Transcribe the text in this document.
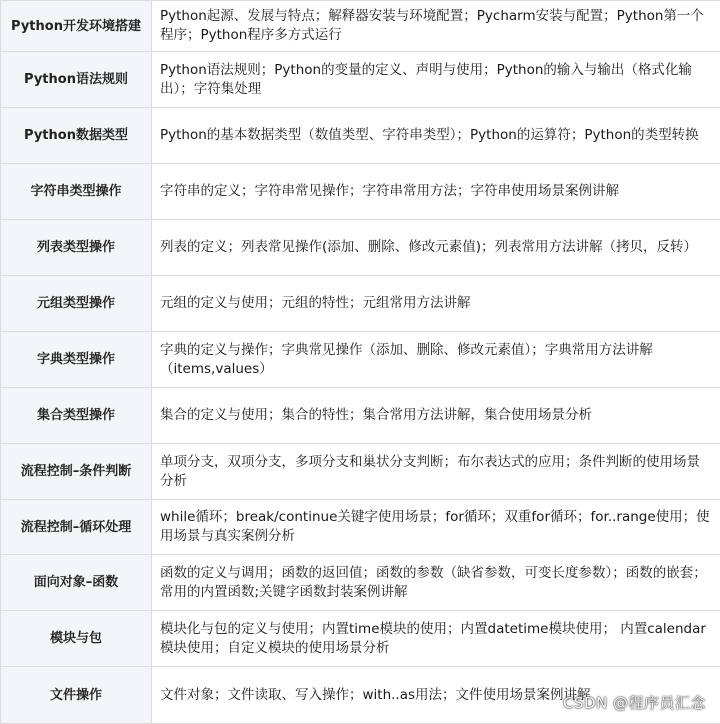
Python开发环境搭建	Python起源、发展与特点；解释器安装与环境配置；Pycharm安装与配置；Python第一个程序；Python程序多方式运行
Python语法规则	Python语法规则；Python的变量的定义、声明与使用；Python的输入与输出（格式化输出）；字符集处理
Python数据类型	Python的基本数据类型（数值类型、字符串类型）；Python的运算符；Python的类型转换
字符串类型操作	字符串的定义；字符串常见操作；字符串常用方法；字符串使用场景案例讲解
列表类型操作	列表的定义；列表常见操作(添加、删除、修改元素值)；列表常用方法讲解（拷贝，反转）
元组类型操作	元组的定义与使用；元组的特性；元组常用方法讲解
字典类型操作	字典的定义与操作；字典常见操作（添加、删除、修改元素值）；字典常用方法讲解（items,values）
集合类型操作	集合的定义与使用；集合的特性；集合常用方法讲解，集合使用场景分析
流程控制–条件判断	单项分支，双项分支，多项分支和巢状分支判断；布尔表达式的应用；条件判断的使用场景分析
流程控制–循环处理	while循环；break/continue关键字使用场景；for循环；双重for循环；for..range使用；使用场景与真实案例分析
面向对象–函数	函数的定义与调用；函数的返回值；函数的参数（缺省参数，可变长度参数）；函数的嵌套；常用的内置函数;关键字函数封装案例讲解
模块与包	模块化与包的定义与使用；内置time模块的使用；内置datetime模块使用； 内置calendar模块使用；自定义模块的使用场景分析
文件操作	文件对象；文件读取、写入操作；with..as用法；文件使用场景案例讲解
CSDN @程序员汇念
